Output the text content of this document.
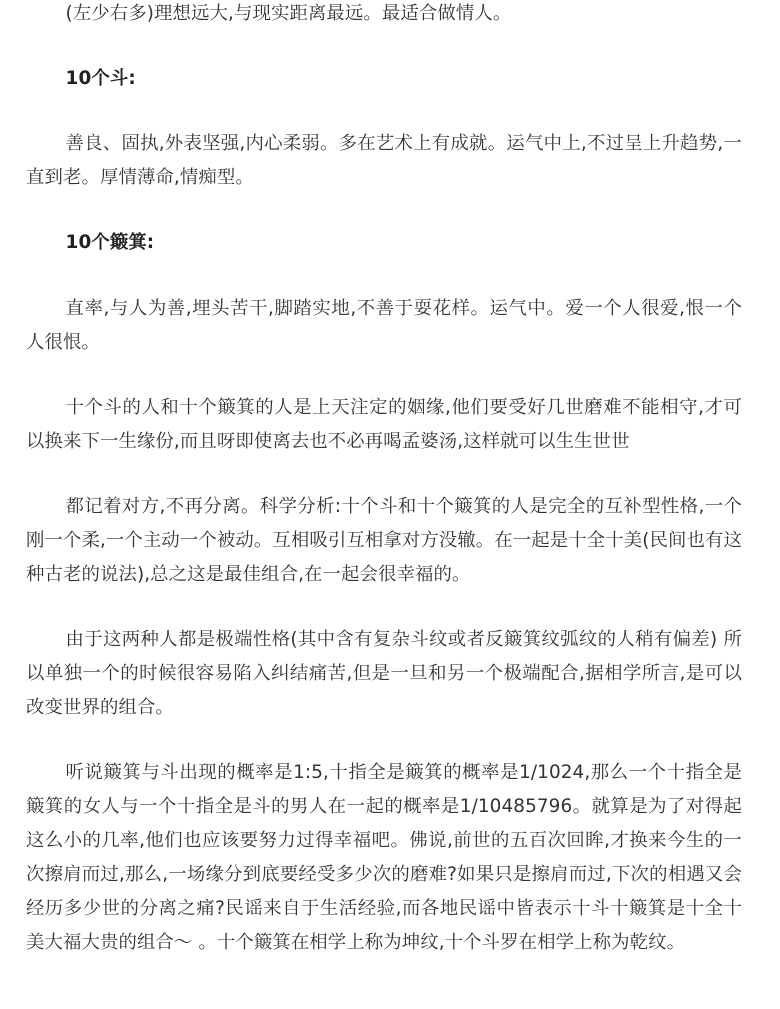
(左少右多)理想远大,与现实距离最远。最适合做情人。

10个斗:

善良、固执,外表坚强,内心柔弱。多在艺术上有成就。运气中上,不过呈上升趋势,一直到老。厚情薄命,情痴型。

10个簸箕:

直率,与人为善,埋头苦干,脚踏实地,不善于耍花样。运气中。爱一个人很爱,恨一个人很恨。

十个斗的人和十个簸箕的人是上天注定的姻缘,他们要受好几世磨难不能相守,才可以换来下一生缘份,而且呀即使离去也不必再喝孟婆汤,这样就可以生生世世

都记着对方,不再分离。科学分析:十个斗和十个簸箕的人是完全的互补型性格,一个刚一个柔,一个主动一个被动。互相吸引互相拿对方没辙。在一起是十全十美(民间也有这种古老的说法),总之这是最佳组合,在一起会很幸福的。

由于这两种人都是极端性格(其中含有复杂斗纹或者反簸箕纹弧纹的人稍有偏差) 所以单独一个的时候很容易陷入纠结痛苦,但是一旦和另一个极端配合,据相学所言,是可以改变世界的组合。

听说簸箕与斗出现的概率是1:5,十指全是簸箕的概率是1/1024,那么一个十指全是簸箕的女人与一个十指全是斗的男人在一起的概率是1/10485796。就算是为了对得起这么小的几率,他们也应该要努力过得幸福吧。佛说,前世的五百次回眸,才换来今生的一次擦肩而过,那么,一场缘分到底要经受多少次的磨难?如果只是擦肩而过,下次的相遇又会经历多少世的分离之痛?民谣来自于生活经验,而各地民谣中皆表示十斗十簸箕是十全十美大福大贵的组合～ 。十个簸箕在相学上称为坤纹,十个斗罗在相学上称为乾纹。
